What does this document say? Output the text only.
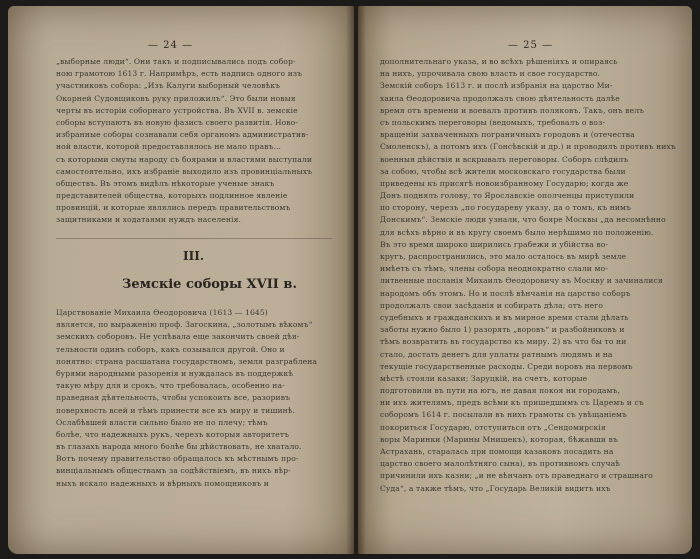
— 24 —
„выборные люди“. Они такъ и подписывались подъ собор-
ною грамотою 1613 г. Напримѣръ, есть надпись одного изъ
участниковъ собора: „Изъ Калуги выборный человѣкъ
Окорней Судовщиковъ руку приложилъ“. Это были новыя
черты въ исторіи соборнаго устройства. Въ XVII в. земскіе
соборы вступаютъ въ новую фазисъ своего развитія. Ново-
избранные соборы сознавали себя органомъ административ-
ной власти, которой предоставлялось не мало правъ...
съ которыми смуты народу съ боярами и властями выступали
самостоятельно, ихъ избраніе выходило изъ провинціальныхъ
обществъ. Въ этомъ видѣлъ нѣкоторые ученые знакъ
представителей общества, которыхъ подлинное явленіе
провинцій, и которые являлись передъ правительствомъ
защитниками и ходатаями нуждъ населенія.
III.
Земскіе соборы XVII в.
Царствованіе Михаила Ѳеодоровича (1613 — 1645)
является, по выраженію проф. Загоскина, „золотымъ вѣкомъ“
земскихъ соборовъ. Не успѣвала еще закончить своей дѣя-
тельности одинъ соборъ, какъ созывался другой. Оно и
понятно: страна расшатана государствомъ, земля разграблена
бурями народными разоренія и нуждалась въ поддержкѣ
такую мѣру для и срокъ, что требовалась, особенно на-
праведная дѣятельность, чтобы успокоить все, разоривъ
поверхность всей и тѣмъ принести все къ миру и тишинѣ.
Ослабѣвшей власти сильно было не по плечу; тѣмъ
болѣе, что надежныхъ рукъ, черезъ которыя авторитетъ
въ глазахъ народа много болѣе бы дѣйствовать, не хватало.
Вотъ почему правительство обращалось къ мѣстнымъ про-
винціальнымъ обществамъ за содѣйствіемъ, въ нихъ вѣр-
ныхъ искало надежныхъ и вѣрныхъ помощниковъ и
— 25 —
дополнительнаго указа, и во всѣхъ рѣшеніяхъ и опираясь
на нихъ, упрочивала свою власть и свое государство.
Земскій соборъ 1613 г. и послѣ избранія на царство Ми-
хаила Ѳеодоровича продолжалъ свою дѣятельность далѣе
время отъ времени и воевалъ противъ поляковъ. Такъ, онъ велъ
съ польскимъ переговоры (ведомыхъ, требовалъ о воз-
вращеніи захваченныхъ пограничныхъ городовъ и (отечества
Смоленскъ), а потомъ ихъ (Гонсѣвскій и др.) и проводилъ противъ нихъ
военныя дѣйствія и вскрывалъ переговоры. Соборъ слѣдилъ
за собою, чтобы всѣ жители московскаго государства были
приведены къ присягѣ новоизбранному Государю; когда же
Донъ поднялъ голову, то Ярославскіе ополченцы приступили
по сторону, черезъ „по государеву указу, да о томъ, къ нимъ
Донскимъ“. Земскіе люди узнали, что бояре Москвы „да несомнѣнно
для всѣхъ вѣрно и въ кругу своемъ было нерѣшимо по положенію.
Въ это время широко ширились грабежи и убійства во-
кругъ, распространились, это мало осталось въ мирѣ земле
имѣетъ съ тѣмъ, члены собора неоднократно слали мо-
литвенные посланія Михаилъ Ѳеодоровичу въ Москву и зачиналися
народомъ объ этомъ. Но и послѣ вѣнчанія на царство соборъ
продолжалъ свои засѣданія и собирать дѣла; отъ него
судебныхъ и гражданскихъ и въ мирное время стали дѣлать
заботы нужно было 1) разорять „воровъ“ и разбойниковъ и
тѣмъ возвратить въ государство къ миру. 2) въ что бы то ни
стало, достать денегъ для уплаты ратнымъ людямъ и на
текущіе государственные расходы. Среди воровъ на первомъ
мѣстѣ стояли казаки; Заруцкій, на счетъ, которые
подготовили въ пути на югъ, не давая покоя ни городамъ,
ни ихъ жителямъ, предъ всѣми къ пришедшимъ съ Царемъ и съ
соборомъ 1614 г. посылали въ нихъ грамоты съ увѣщаніемъ
покориться Государю, отступиться отъ „Сендомирскія
воры Маринки (Марины Мнишекъ), которая, бѣжавши въ
Астрахань, старалась при помощи казаковъ посадить на
царство своего малолѣтняго сына), въ противномъ случаѣ
причинили ихъ казни; „и не вѣнчанъ отъ праведнаго и страшнаго
Суда“, а также тѣмъ, что „Государь Великій видитъ ихъ
